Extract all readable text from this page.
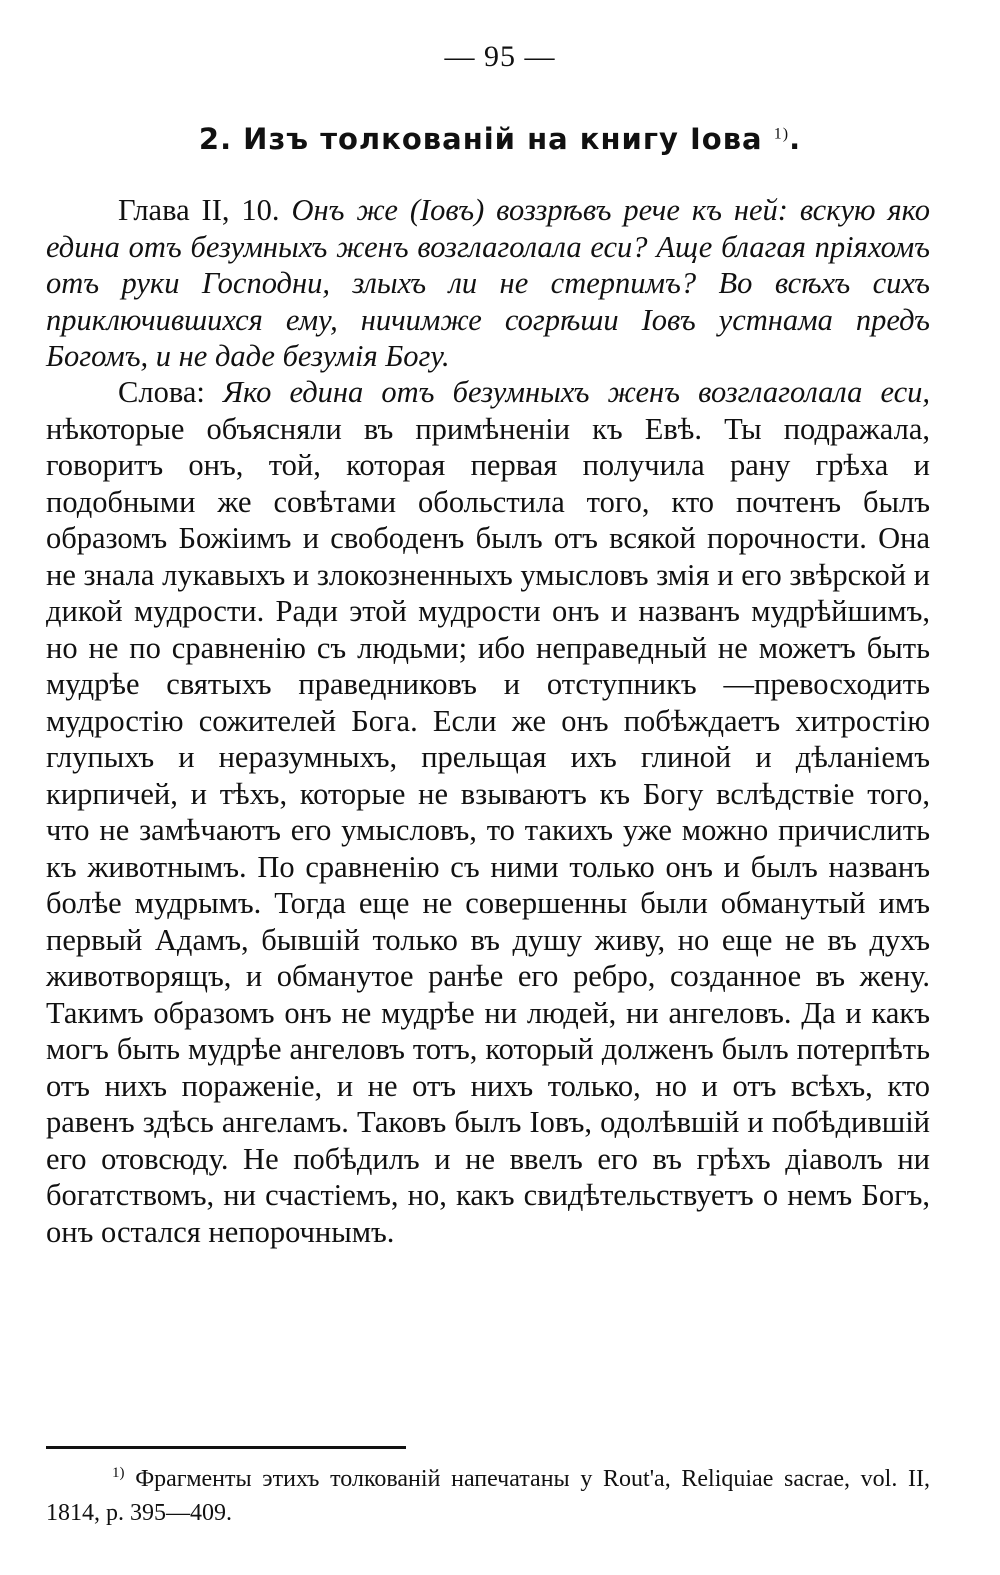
— 95 —
2. Изъ толкованій на книгу Іова $^{1)}$.

Глава II, 10. Онъ же (Іовъ) воззрѣвъ рече къ ней: вскую яко едина отъ безумныхъ женъ возглаголала еси? Аще благая пріяхомъ отъ руки Господни, злыхъ ли не стерпимъ? Во всѣхъ сихъ приключившихся ему, ничимже согрѣши Іовъ устнама предъ Богомъ, и не даде безумія Богу.

Слова: Яко едина отъ безумныхъ женъ возглаголала еси, нѣкоторые объясняли въ примѣненіи къ Евѣ. Ты подражала, говоритъ онъ, той, которая первая получила рану грѣха и подобными же совѣтами обольстила того, кто почтенъ былъ образомъ Божіимъ и свободенъ былъ отъ всякой порочности. Она не знала лукавыхъ и злокозненныхъ умысловъ змія и его звѣрской и дикой мудрости. Ради этой мудрости онъ и названъ мудрѣйшимъ, но не по сравненію съ людьми; ибо неправедный не можетъ быть мудрѣе святыхъ праведниковъ и отступникъ —превосходить мудростію сожителей Бога. Если же онъ побѣждаетъ хитростію глупыхъ и неразумныхъ, прельщая ихъ глиной и дѣланіемъ кирпичей, и тѣхъ, которые не взываютъ къ Богу вслѣдствіе того, что не замѣчаютъ его умысловъ, то такихъ уже можно причислить къ животнымъ. По сравненію съ ними только онъ и былъ названъ болѣе мудрымъ. Тогда еще не совершенны были обманутый имъ первый Адамъ, бывшій только въ душу живу, но еще не въ духъ животворящъ, и обманутое ранѣе его ребро, созданное въ жену. Такимъ образомъ онъ не мудрѣе ни людей, ни ангеловъ. Да и какъ могъ быть мудрѣе ангеловъ тотъ, который долженъ былъ потерпѣть отъ нихъ пораженіе, и не отъ нихъ только, но и отъ всѣхъ, кто равенъ здѣсь ангеламъ. Таковъ былъ Іовъ, одолѣвшій и побѣдившій его отовсюду. Не побѣдилъ и не ввелъ его въ грѣхъ діаволъ ни богатствомъ, ни счастіемъ, но, какъ свидѣтельствуетъ о немъ Богъ, онъ остался непорочнымъ.

$^{1)}$ Фрагменты этихъ толкованій напечатаны у Rout'а, Reliquiae sacrae, vol. II, 1814, p. 395—409.
